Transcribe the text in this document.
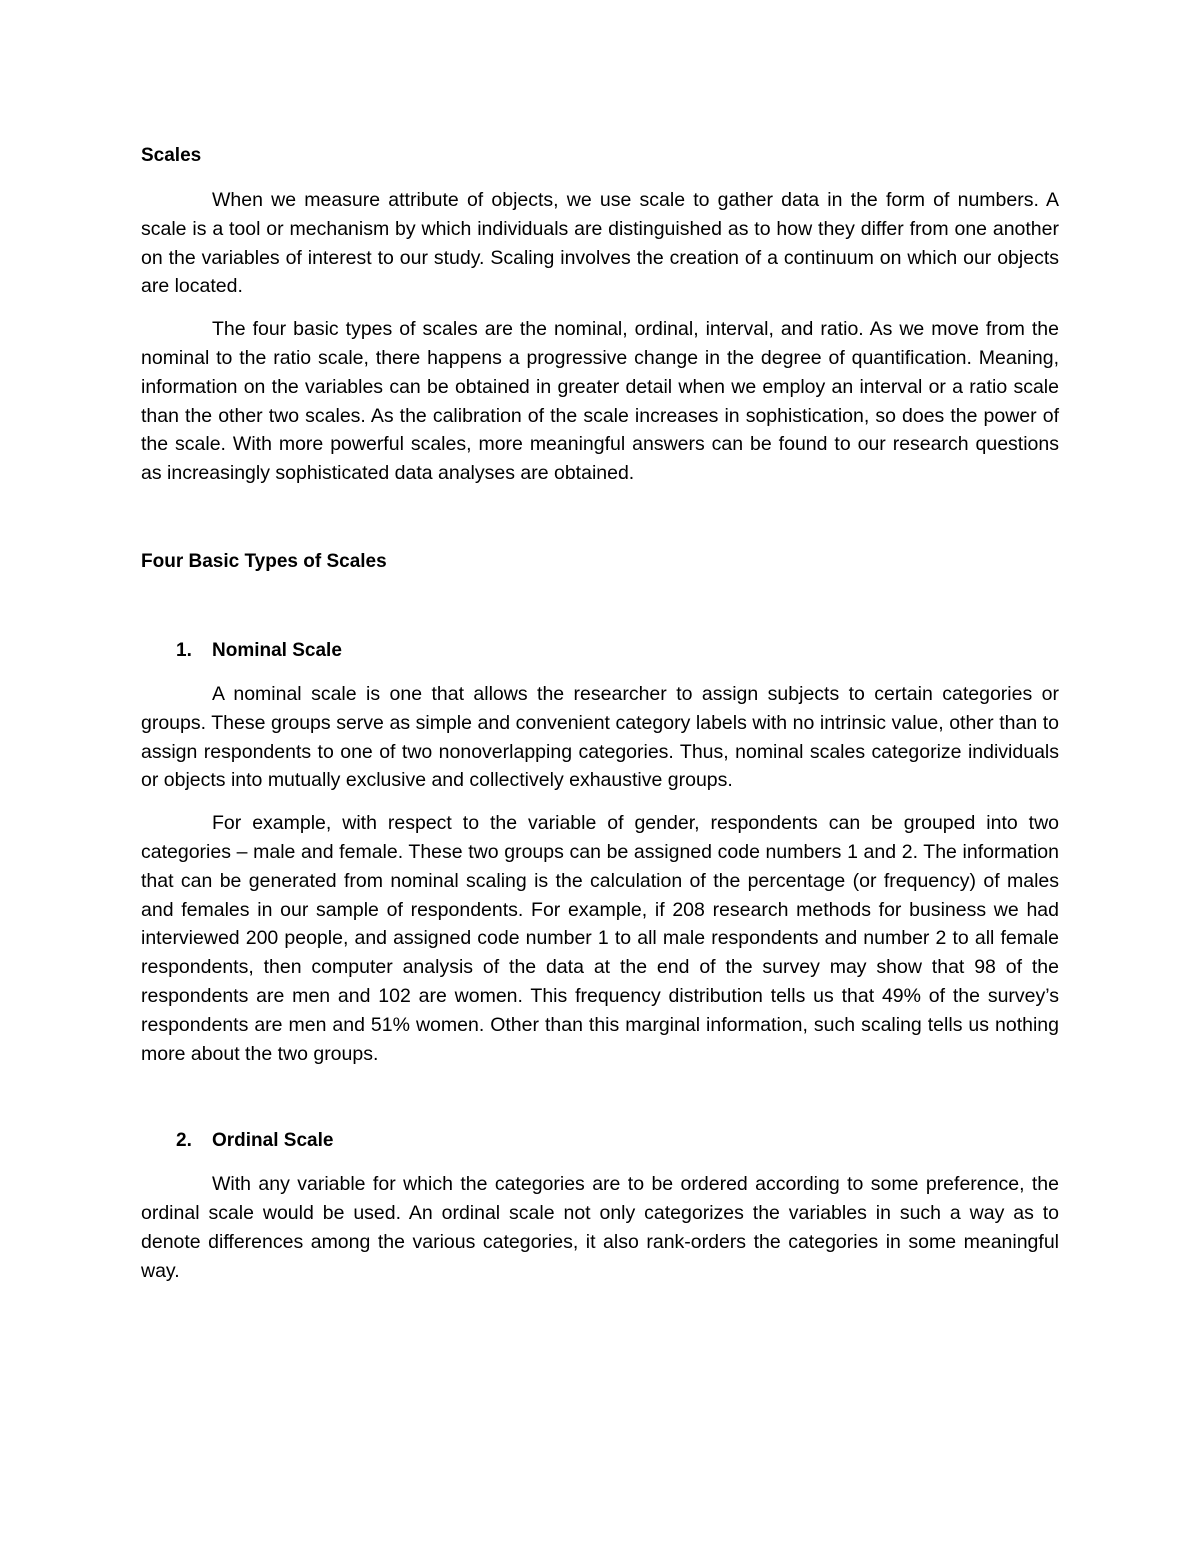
Scales

When we measure attribute of objects, we use scale to gather data in the form of numbers. A scale is a tool or mechanism by which individuals are distinguished as to how they differ from one another on the variables of interest to our study. Scaling involves the creation of a continuum on which our objects are located.

The four basic types of scales are the nominal, ordinal, interval, and ratio. As we move from the nominal to the ratio scale, there happens a progressive change in the degree of quantification. Meaning, information on the variables can be obtained in greater detail when we employ an interval or a ratio scale than the other two scales. As the calibration of the scale increases in sophistication, so does the power of the scale. With more powerful scales, more meaningful answers can be found to our research questions as increasingly sophisticated data analyses are obtained.

Four Basic Types of Scales

1.	Nominal Scale

A nominal scale is one that allows the researcher to assign subjects to certain categories or groups. These groups serve as simple and convenient category labels with no intrinsic value, other than to assign respondents to one of two nonoverlapping categories. Thus, nominal scales categorize individuals or objects into mutually exclusive and collectively exhaustive groups.

For example, with respect to the variable of gender, respondents can be grouped into two categories – male and female. These two groups can be assigned code numbers 1 and 2. The information that can be generated from nominal scaling is the calculation of the percentage (or frequency) of males and females in our sample of respondents. For example, if 208 research methods for business we had interviewed 200 people, and assigned code number 1 to all male respondents and number 2 to all female respondents, then computer analysis of the data at the end of the survey may show that 98 of the respondents are men and 102 are women. This frequency distribution tells us that 49% of the survey’s respondents are men and 51% women. Other than this marginal information, such scaling tells us nothing more about the two groups.

2.	Ordinal Scale

With any variable for which the categories are to be ordered according to some preference, the ordinal scale would be used. An ordinal scale not only categorizes the variables in such a way as to denote differences among the various categories, it also rank-orders the categories in some meaningful way.
